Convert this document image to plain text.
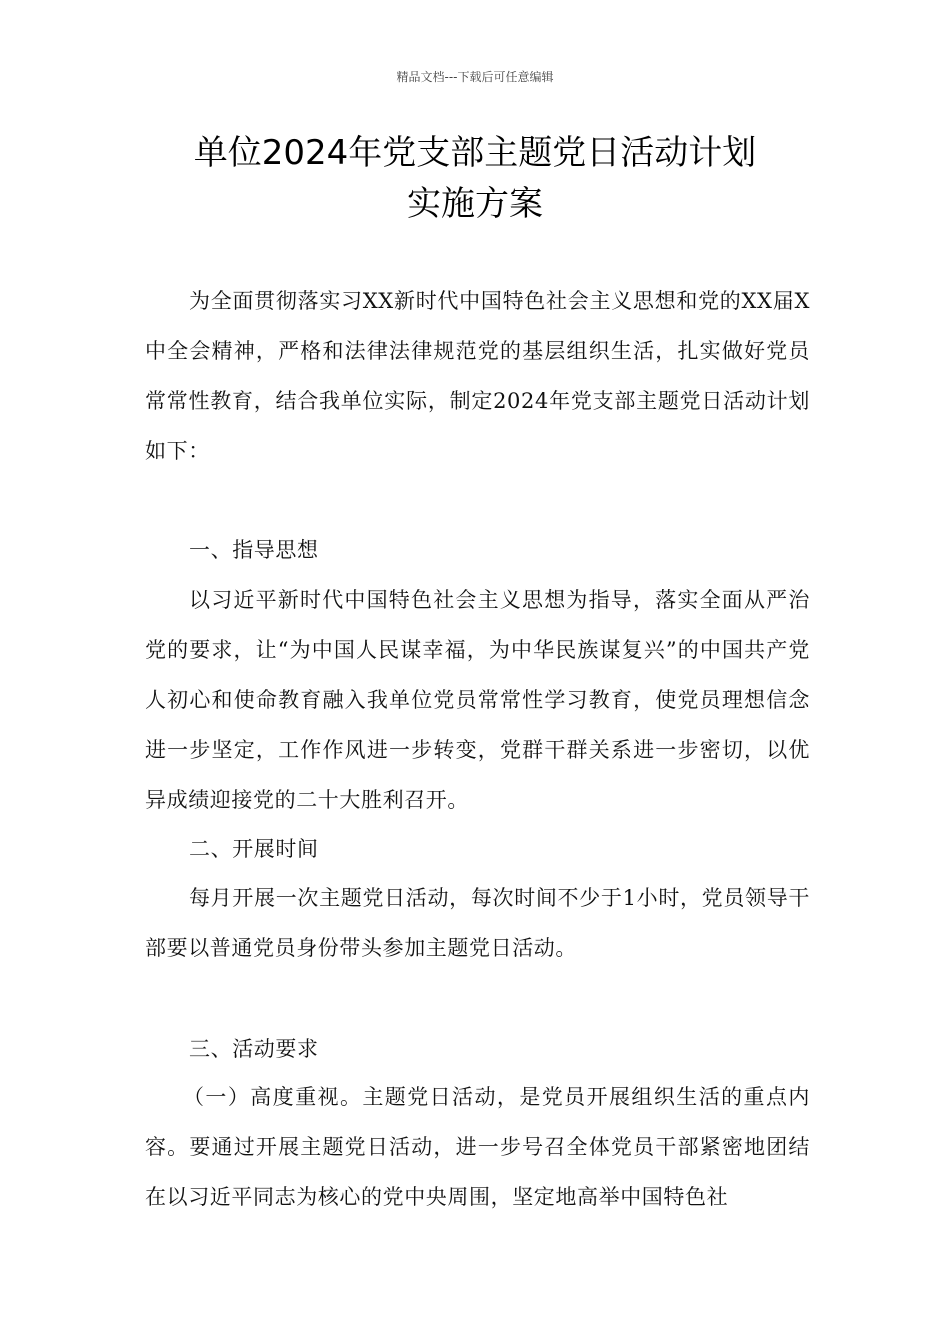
精品文档---下载后可任意编辑
单位2024年党支部主题党日活动计划
实施方案

为全面贯彻落实习XX新时代中国特色社会主义思想和党的XX届X中全会精神，严格和法律法律规范党的基层组织生活，扎实做好党员常常性教育，结合我单位实际，制定2024年党支部主题党日活动计划如下：

一、指导思想

以习近平新时代中国特色社会主义思想为指导，落实全面从严治党的要求，让“为中国人民谋幸福，为中华民族谋复兴”的中国共产党人初心和使命教育融入我单位党员常常性学习教育，使党员理想信念进一步坚定，工作作风进一步转变，党群干群关系进一步密切，以优异成绩迎接党的二十大胜利召开。

二、开展时间

每月开展一次主题党日活动，每次时间不少于1小时，党员领导干部要以普通党员身份带头参加主题党日活动。

三、活动要求

（一）高度重视。主题党日活动，是党员开展组织生活的重点内容。要通过开展主题党日活动，进一步号召全体党员干部紧密地团结在以习近平同志为核心的党中央周围，坚定地高举中国特色社
